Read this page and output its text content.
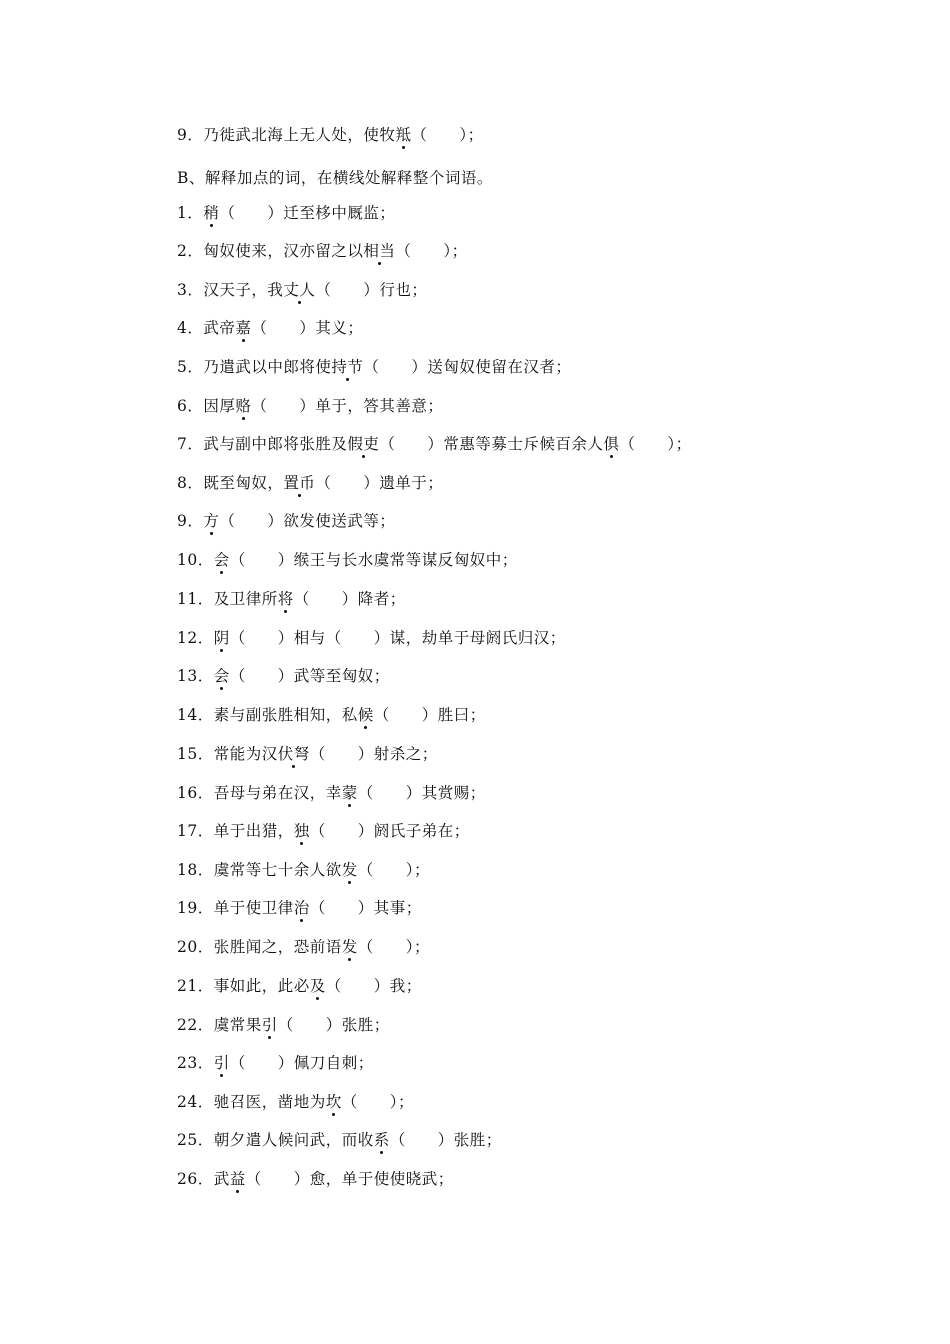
9．乃徙武北海上无人处，使牧羝（　　）；
B、解释加点的词，在横线处解释整个词语。
1．稍（　　）迁至栘中厩监；
2．匈奴使来，汉亦留之以相当（　　）；
3．汉天子，我丈人（　　）行也；
4．武帝嘉（　　）其义；
5．乃遣武以中郎将使持节（　　）送匈奴使留在汉者；
6．因厚赂（　　）单于，答其善意；
7．武与副中郎将张胜及假吏（　　）常惠等募士斥候百余人俱（　　）；
8．既至匈奴，置币（　　）遗单于；
9．方（　　）欲发使送武等；
10．会（　　）缑王与长水虞常等谋反匈奴中；
11．及卫律所将（　　）降者；
12．阴（　　）相与（　　）谋，劫单于母阏氏归汉；
13．会（　　）武等至匈奴；
14．素与副张胜相知，私候（　　）胜曰；
15．常能为汉伏弩（　　）射杀之；
16．吾母与弟在汉，幸蒙（　　）其赏赐；
17．单于出猎，独（　　）阏氏子弟在；
18．虞常等七十余人欲发（　　）；
19．单于使卫律治（　　）其事；
20．张胜闻之，恐前语发（　　）；
21．事如此，此必及（　　）我；
22．虞常果引（　　）张胜；
23．引（　　）佩刀自刺；
24．驰召医，凿地为坎（　　）；
25．朝夕遣人候问武，而收系（　　）张胜；
26．武益（　　）愈，单于使使晓武；
